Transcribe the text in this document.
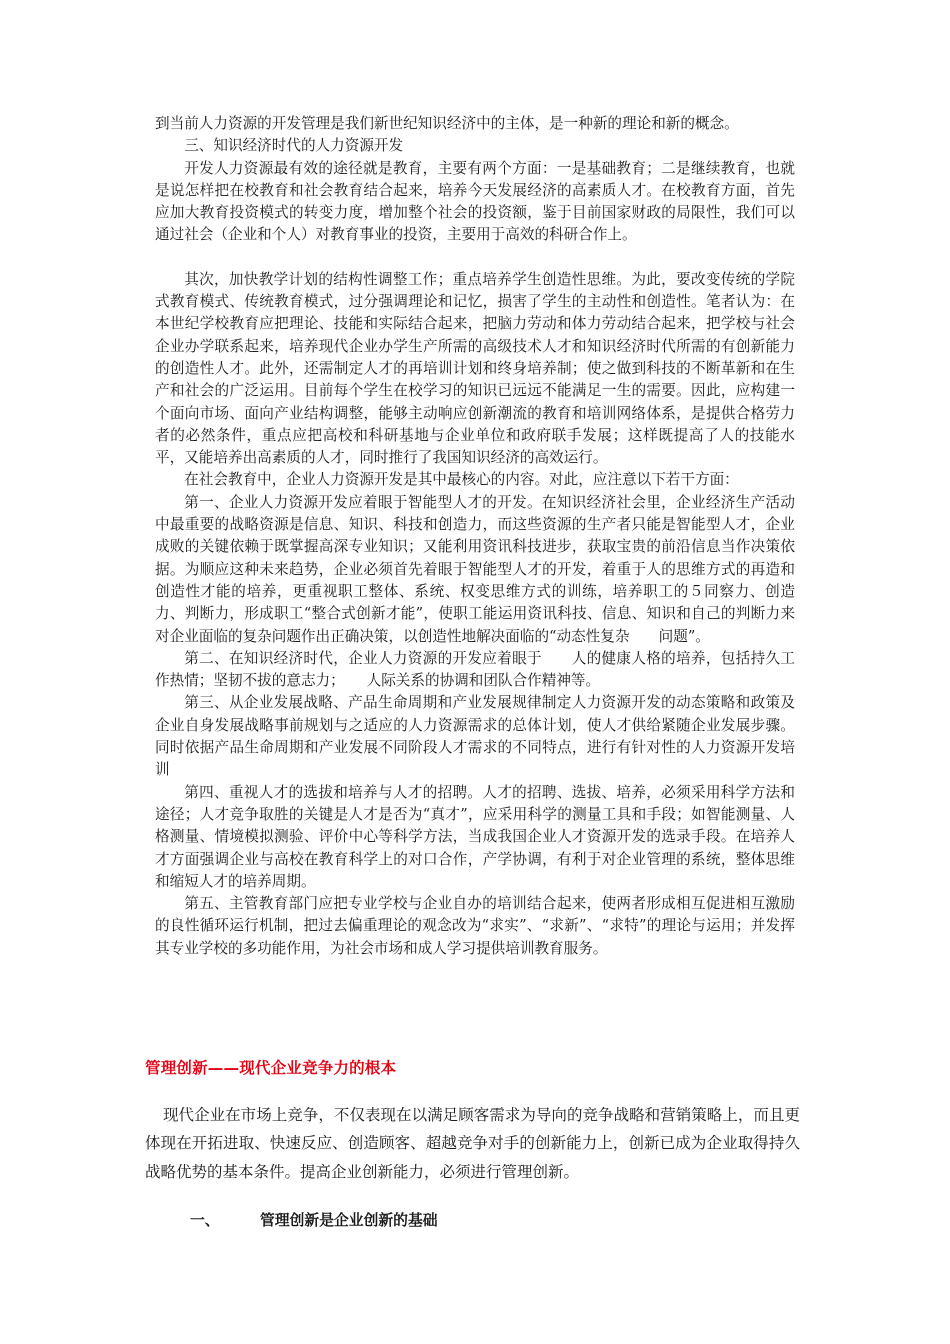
到当前人力资源的开发管理是我们新世纪知识经济中的主体，是一种新的理论和新的概念。

三、知识经济时代的人力资源开发

开发人力资源最有效的途径就是教育，主要有两个方面：一是基础教育；二是继续教育，也就是说怎样把在校教育和社会教育结合起来，培养今天发展经济的高素质人才。在校教育方面，首先应加大教育投资模式的转变力度，增加整个社会的投资额，鉴于目前国家财政的局限性，我们可以通过社会（企业和个人）对教育事业的投资，主要用于高效的科研合作上。

其次，加快教学计划的结构性调整工作；重点培养学生创造性思维。为此，要改变传统的学院式教育模式、传统教育模式，过分强调理论和记忆，损害了学生的主动性和创造性。笔者认为：在本世纪学校教育应把理论、技能和实际结合起来，把脑力劳动和体力劳动结合起来，把学校与社会企业办学联系起来，培养现代企业办学生产所需的高级技术人才和知识经济时代所需的有创新能力的创造性人才。此外，还需制定人才的再培训计划和终身培养制；使之做到科技的不断革新和在生产和社会的广泛运用。目前每个学生在校学习的知识已远远不能满足一生的需要。因此，应构建一个面向市场、面向产业结构调整，能够主动响应创新潮流的教育和培训网络体系，是提供合格劳力者的必然条件，重点应把高校和科研基地与企业单位和政府联手发展；这样既提高了人的技能水平，又能培养出高素质的人才，同时推行了我国知识经济的高效运行。

在社会教育中，企业人力资源开发是其中最核心的内容。对此，应注意以下若干方面：

第一、企业人力资源开发应着眼于智能型人才的开发。在知识经济社会里，企业经济生产活动中最重要的战略资源是信息、知识、科技和创造力，而这些资源的生产者只能是智能型人才，企业成败的关键依赖于既掌握高深专业知识；又能利用资讯科技进步，获取宝贵的前沿信息当作决策依据。为顺应这种未来趋势，企业必须首先着眼于智能型人才的开发，着重于人的思维方式的再造和创造性才能的培养，更重视职工整体、系统、权变思维方式的训练，培养职工的５同察力、创造力、判断力，形成职工“整合式创新才能”，使职工能运用资讯科技、信息、知识和自己的判断力来对企业面临的复杂问题作出正确决策，以创造性地解决面临的“动态性复杂　　问题”。

第二、在知识经济时代，企业人力资源的开发应着眼于　　人的健康人格的培养，包括持久工作热情；坚韧不拔的意志力；　　人际关系的协调和团队合作精神等。

第三、从企业发展战略、产品生命周期和产业发展规律制定人力资源开发的动态策略和政策及企业自身发展战略事前规划与之适应的人力资源需求的总体计划，使人才供给紧随企业发展步骤。同时依据产品生命周期和产业发展不同阶段人才需求的不同特点，进行有针对性的人力资源开发培训

第四、重视人才的选拔和培养与人才的招聘。人才的招聘、选拔、培养，必须采用科学方法和途径；人才竞争取胜的关键是人才是否为“真才”，应采用科学的测量工具和手段；如智能测量、人格测量、情境模拟测验、评价中心等科学方法，当成我国企业人才资源开发的选录手段。在培养人才方面强调企业与高校在教育科学上的对口合作，产学协调，有利于对企业管理的系统，整体思维和缩短人才的培养周期。

第五、主管教育部门应把专业学校与企业自办的培训结合起来，使两者形成相互促进相互激励的良性循环运行机制，把过去偏重理论的观念改为“求实”、“求新”、“求特”的理论与运用；并发挥其专业学校的多功能作用，为社会市场和成人学习提供培训教育服务。

管理创新——现代企业竞争力的根本

现代企业在市场上竞争，不仅表现在以满足顾客需求为导向的竞争战略和营销策略上，而且更体现在开拓进取、快速反应、创造顾客、超越竞争对手的创新能力上，创新已成为企业取得持久战略优势的基本条件。提高企业创新能力，必须进行管理创新。

一、	管理创新是企业创新的基础
